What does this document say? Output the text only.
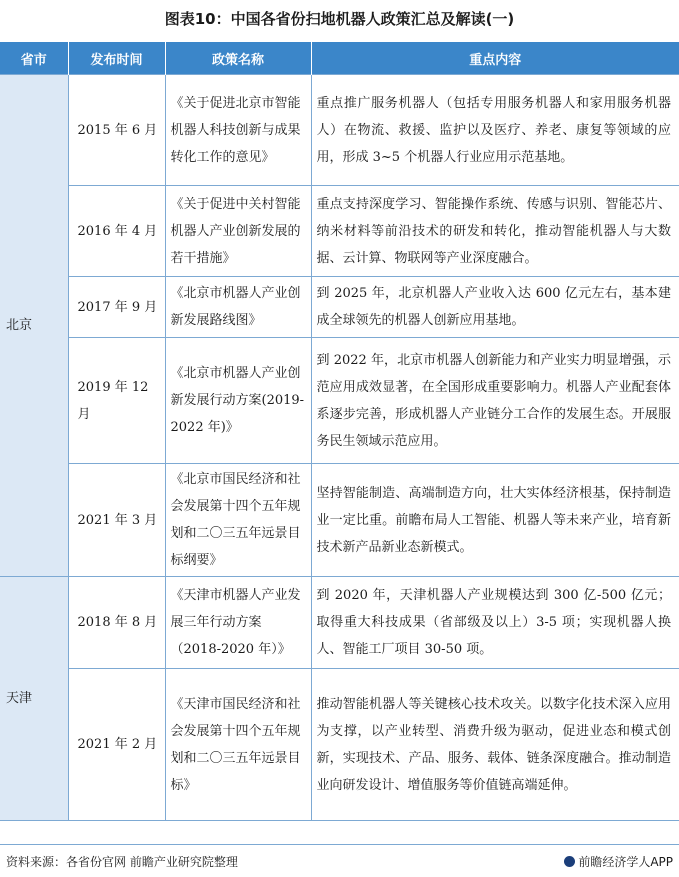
图表10：中国各省份扫地机器人政策汇总及解读(一)
省市	发布时间	政策名称	重点内容
北京	2015 年 6 月	《关于促进北京市智能机器人科技创新与成果转化工作的意见》	重点推广服务机器人（包括专用服务机器人和家用服务机器人）在物流、救援、监护以及医疗、养老、康复等领域的应用，形成 3~5 个机器人行业应用示范基地。
	2016 年 4 月	《关于促进中关村智能机器人产业创新发展的若干措施》	重点支持深度学习、智能操作系统、传感与识别、智能芯片、纳米材料等前沿技术的研发和转化，推动智能机器人与大数据、云计算、物联网等产业深度融合。
	2017 年 9 月	《北京市机器人产业创新发展路线图》	到 2025 年，北京机器人产业收入达 600 亿元左右，基本建成全球领先的机器人创新应用基地。
	2019 年 12 月	《北京市机器人产业创新发展行动方案(2019-2022 年)》	到 2022 年，北京市机器人创新能力和产业实力明显增强，示范应用成效显著，在全国形成重要影响力。机器人产业配套体系逐步完善，形成机器人产业链分工合作的发展生态。开展服务民生领域示范应用。
	2021 年 3 月	《北京市国民经济和社会发展第十四个五年规划和二〇三五年远景目标纲要》	坚持智能制造、高端制造方向，壮大实体经济根基，保持制造业一定比重。前瞻布局人工智能、机器人等未来产业，培育新技术新产品新业态新模式。
天津	2018 年 8 月	《天津市机器人产业发展三年行动方案（2018-2020 年）》	到 2020 年，天津机器人产业规模达到 300 亿-500 亿元；取得重大科技成果（省部级及以上）3-5 项；实现机器人换人、智能工厂项目 30-50 项。
	2021 年 2 月	《天津市国民经济和社会发展第十四个五年规划和二〇三五年远景目标》	推动智能机器人等关键核心技术攻关。以数字化技术深入应用为支撑，以产业转型、消费升级为驱动，促进业态和模式创新，实现技术、产品、服务、载体、链条深度融合。推动制造业向研发设计、增值服务等价值链高端延伸。
资料来源：各省份官网 前瞻产业研究院整理	前瞻经济学人APP
